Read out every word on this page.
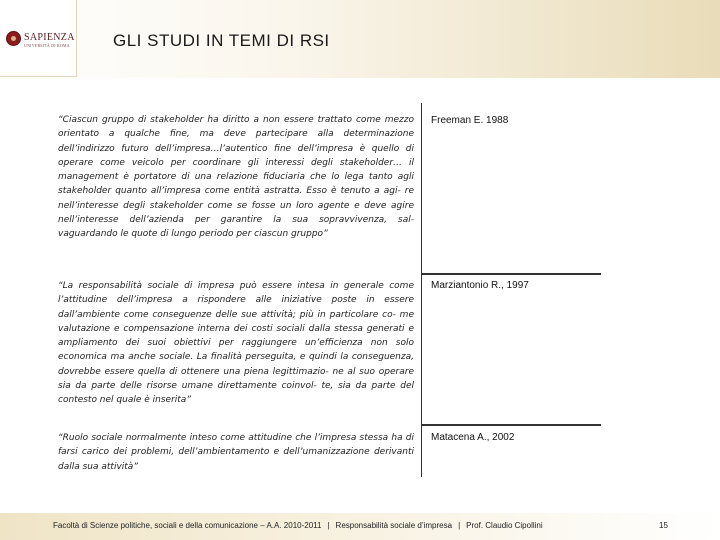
SAPIENZA
UNIVERSITÀ DI ROMA	GLI STUDI IN TEMI DI RSI

“Ciascun gruppo di stakeholder ha diritto a non essere trattato come mezzo orientato a qualche fine, ma deve partecipare alla determinazione dell’indirizzo futuro dell’impresa…l’autentico fine dell’impresa è quello di operare come veicolo per coordinare gli interessi degli stakeholder… il management è portatore di una relazione fiduciaria che lo lega tanto agli stakeholder quanto all’impresa come entità astratta. Esso è tenuto a agi- re nell’interesse degli stakeholder come se fosse un loro agente e deve agire nell’interesse dell’azienda per garantire la sua sopravvivenza, sal- vaguardando le quote di lungo periodo per ciascun gruppo”

Freeman E. 1988

“La responsabilità sociale di impresa può essere intesa in generale come l’attitudine dell’impresa a rispondere alle iniziative poste in essere dall’ambiente come conseguenze delle sue attività; più in particolare co- me valutazione e compensazione interna dei costi sociali dalla stessa generati e ampliamento dei suoi obiettivi per raggiungere un’efficienza non solo economica ma anche sociale. La finalità perseguita, e quindi la conseguenza, dovrebbe essere quella di ottenere una piena legittimazio- ne al suo operare sia da parte delle risorse umane direttamente coinvol- te, sia da parte del contesto nel quale è inserita”

Marziantonio R., 1997

“Ruolo sociale normalmente inteso come attitudine che l’impresa stessa ha di farsi carico dei problemi, dell’ambientamento e dell’umanizzazione derivanti dalla sua attività”

Matacena A., 2002
Facoltà di Scienze politiche, sociali e della comunicazione – A.A. 2010-2011 | Responsabilità sociale d’impresa | Prof. Claudio Cipollini	15
